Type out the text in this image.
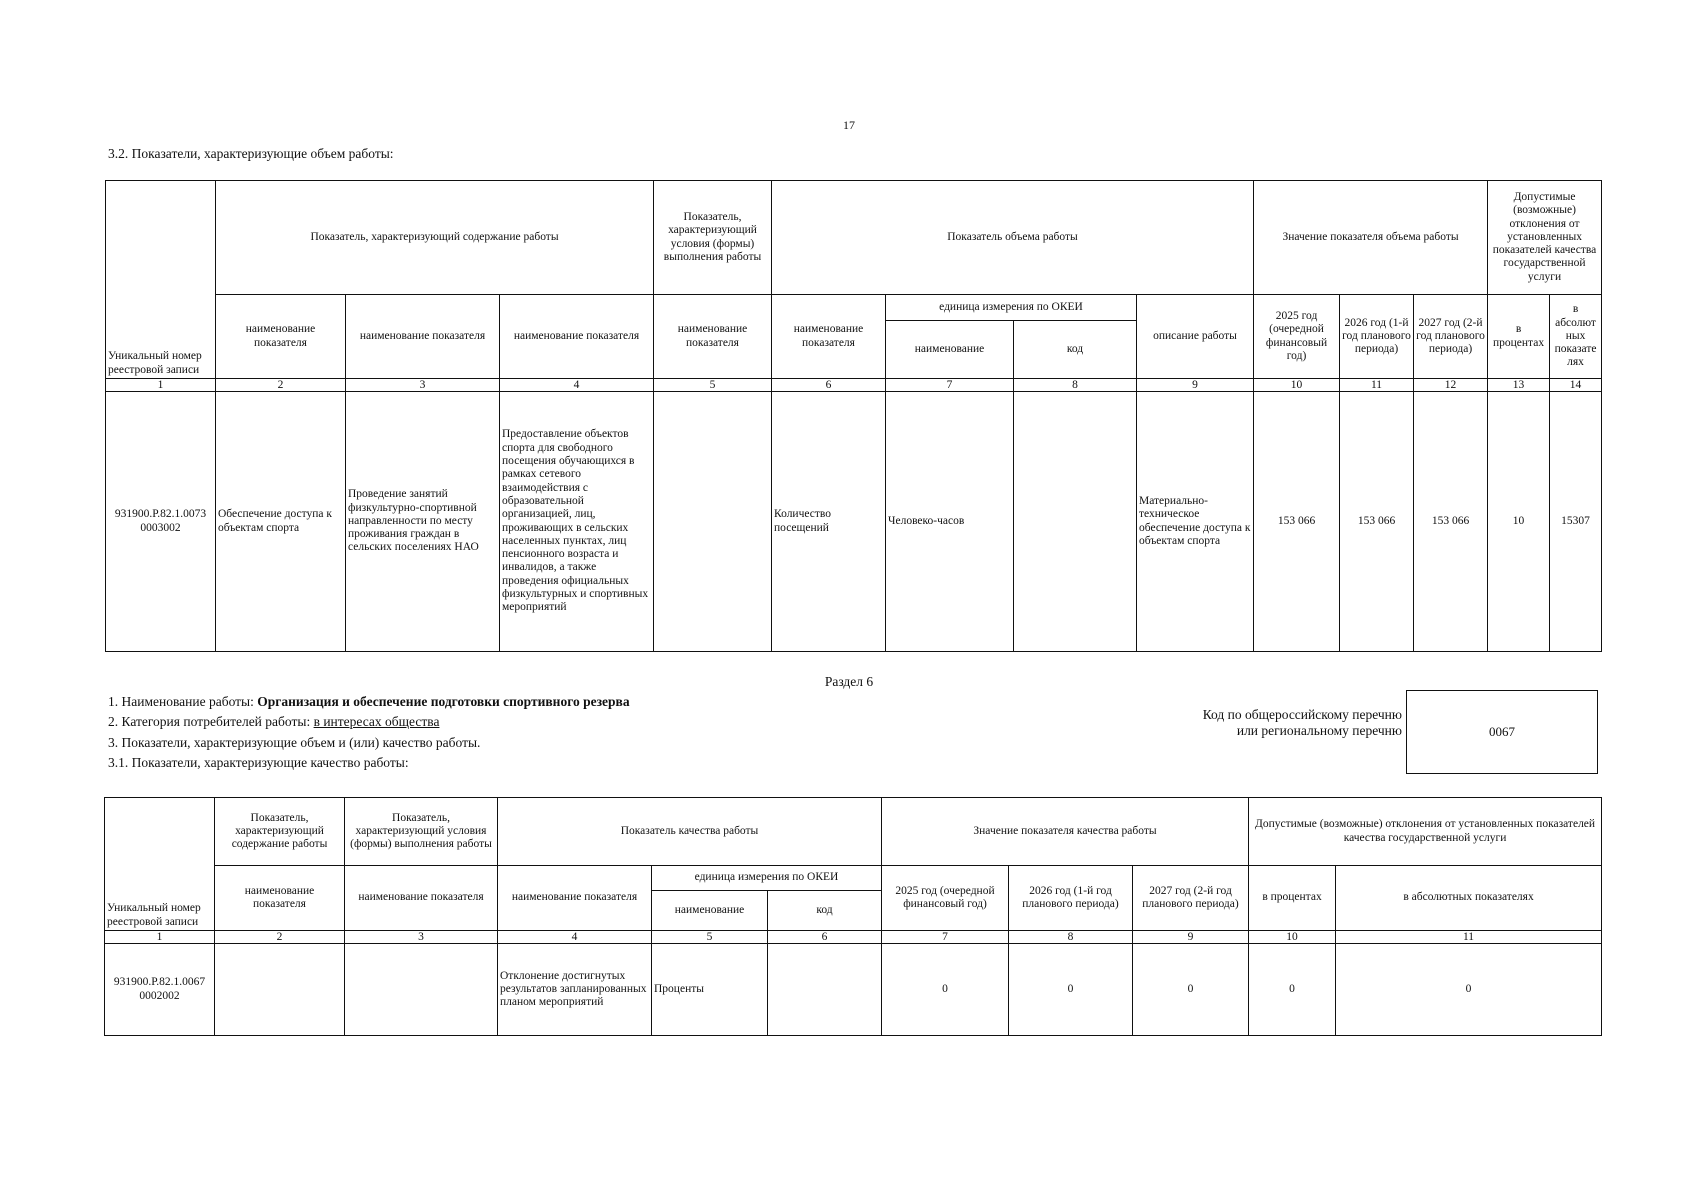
17
3.2. Показатели, характеризующие объем работы:
Уникальный номер реестровой записи	Показатель, характеризующий содержание работы			Показатель, характеризующий условия (формы) выполнения работы	Показатель объема работы				Значение показателя объема работы			Допустимые (возможные) отклонения от установленных показателей качества государственной услуги	
	наименование показателя	наименование показателя	наименование показателя	наименование показателя	наименование показателя	единица измерения по ОКЕИ		описание работы	2025 год (очередной финансовый год)	2026 год (1-й год планового периода)	2027 год (2-й год планового периода)	в процентах	в абсолют ных показате лях
						наименование	код						
1	2	3	4	5	6	7	8	9	10	11	12	13	14
931900.Р.82.1.0073 0003002	Обеспечение доступа к объектам спорта	Проведение занятий физкультурно-спортивной направленности по месту проживания граждан в сельских поселениях НАО	Предоставление объектов спорта для свободного посещения обучающихся в рамках сетевого взаимодействия с образовательной организацией, лиц, проживающих в сельских населенных пунктах, лиц пенсионного возраста и инвалидов, а также проведения официальных физкультурных и спортивных мероприятий		Количество посещений	Человеко-часов		Материально-техническое обеспечение доступа к объектам спорта	153 066	153 066	153 066	10	15307
Раздел 6
1. Наименование работы: Организация и обеспечение подготовки спортивного резерва
2. Категория потребителей работы: в интересах общества
3. Показатели, характеризующие объем и (или) качество работы.
3.1. Показатели, характеризующие качество работы:
Код по общероссийскому перечню или региональному перечню	0067
Уникальный номер реестровой записи	Показатель, характеризующий содержание работы	Показатель, характеризующий условия (формы) выполнения работы	Показатель качества работы			Значение показателя качества работы			Допустимые (возможные) отклонения от установленных показателей качества государственной услуги	
	наименование показателя	наименование показателя	наименование показателя	единица измерения по ОКЕИ		2025 год (очередной финансовый год)	2026 год (1-й год планового периода)	2027 год (2-й год планового периода)	в процентах	в абсолютных показателях
				наименование	код					
1	2	3	4	5	6	7	8	9	10	11
931900.Р.82.1.0067 0002002			Отклонение достигнутых результатов запланированных планом мероприятий	Проценты		0	0	0	0	0
